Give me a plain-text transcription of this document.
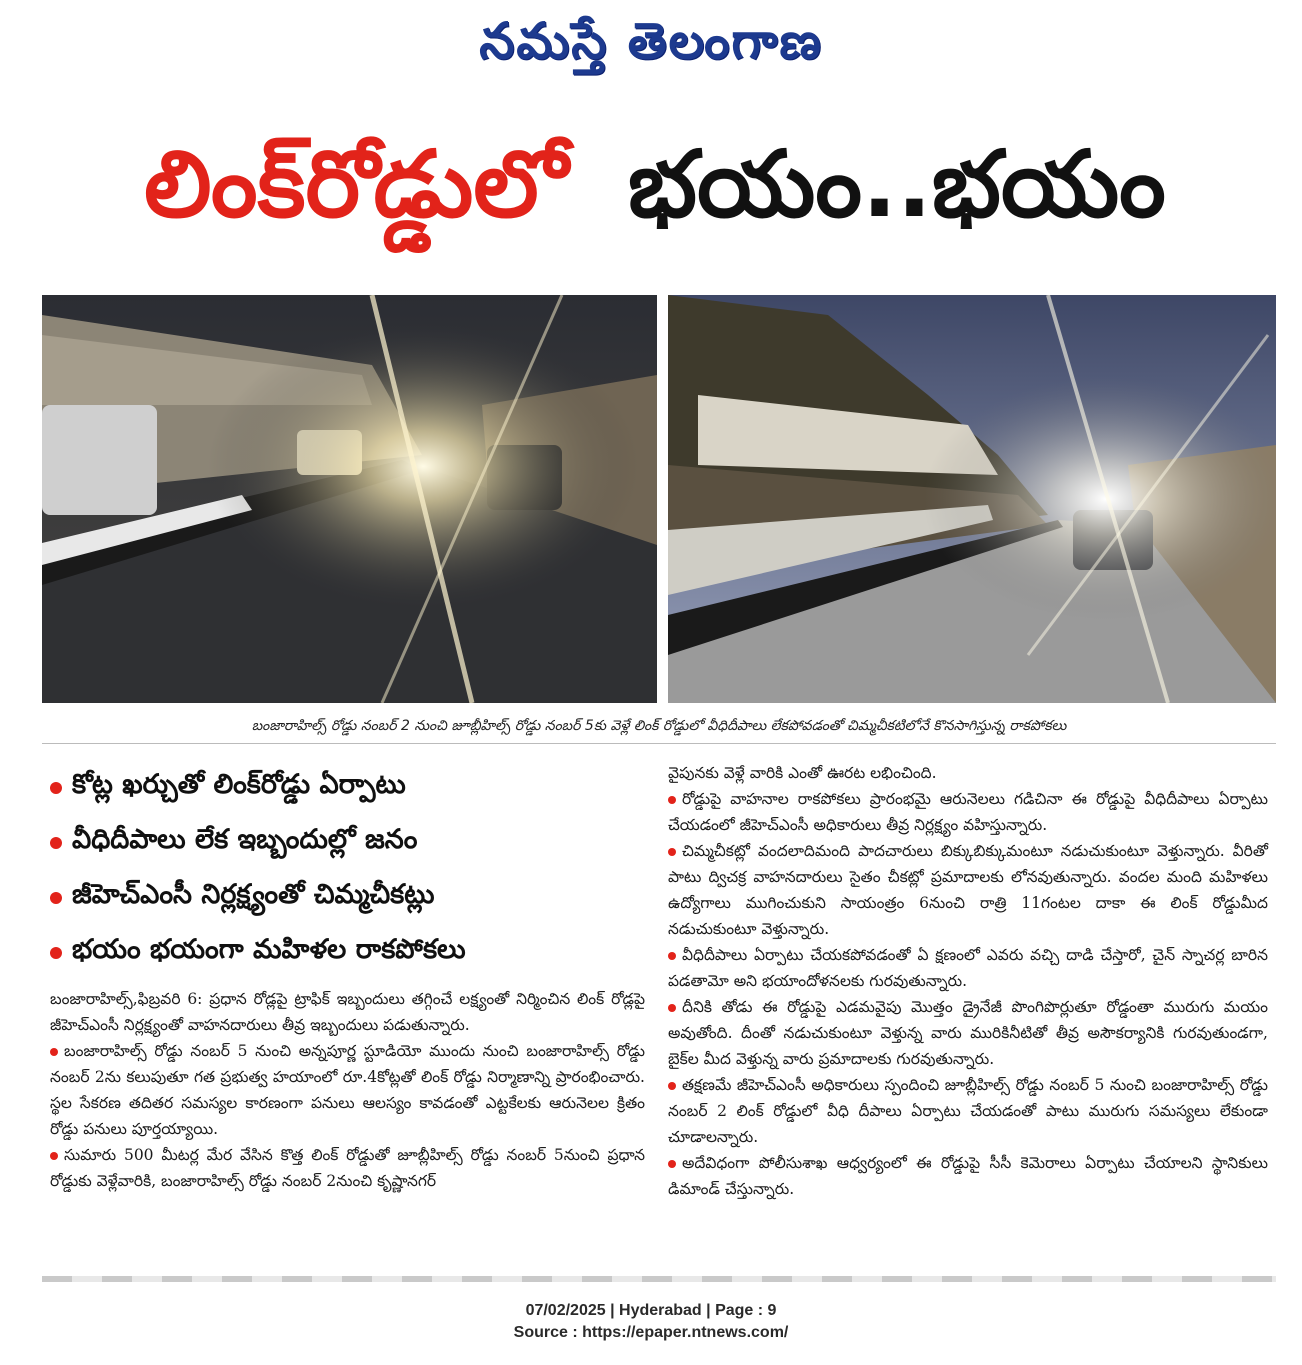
నమస్తే తెలంగాణ
లింక్‌రోడ్డులో భయం..భయం
బంజారాహిల్స్ రోడ్డు నంబర్ 2 నుంచి జూబ్లీహిల్స్ రోడ్డు నంబర్ 5కు వెళ్లే లింక్ రోడ్డులో వీధిదీపాలు లేకపోవడంతో చిమ్మచీకటిలోనే కొనసాగిస్తున్న రాకపోకలు
కోట్ల ఖర్చుతో లింక్‌రోడ్డు ఏర్పాటు
వీధిదీపాలు లేక ఇబ్బందుల్లో జనం
జీహెచ్‌ఎంసీ నిర్లక్ష్యంతో చిమ్మచీకట్లు
భయం భయంగా మహిళల రాకపోకలు

బంజారాహిల్స్,ఫిబ్రవరి 6: ప్రధాన రోడ్లపై ట్రాఫిక్ ఇబ్బందులు తగ్గించే లక్ష్యంతో నిర్మించిన లింక్ రోడ్లపై జీహెచ్ఎంసీ నిర్లక్ష్యంతో వాహనదారులు తీవ్ర ఇబ్బందులు పడుతున్నారు.

బంజారాహిల్స్ రోడ్డు నంబర్ 5 నుంచి అన్నపూర్ణ స్టూడియో ముందు నుంచి బంజారాహిల్స్ రోడ్డు నంబర్ 2ను కలుపుతూ గత ప్రభుత్వ హయాంలో రూ.4కోట్లతో లింక్ రోడ్డు నిర్మాణాన్ని ప్రారంభించారు. స్థల సేకరణ తదితర సమస్యల కారణంగా పనులు ఆలస్యం కావడంతో ఎట్టకేలకు ఆరునెలల క్రితం రోడ్డు పనులు పూర్తయ్యాయి.

సుమారు 500 మీటర్ల మేర వేసిన కొత్త లింక్ రోడ్డుతో జూబ్లీహిల్స్ రోడ్డు నంబర్ 5నుంచి ప్రధాన రోడ్డుకు వెళ్లేవారికి, బంజారాహిల్స్ రోడ్డు నంబర్ 2నుంచి కృష్ణానగర్

వైపునకు వెళ్లే వారికి ఎంతో ఊరట లభించింది.

రోడ్డుపై వాహనాల రాకపోకలు ప్రారంభమై ఆరునెలలు గడిచినా ఈ రోడ్డుపై వీధిదీపాలు ఏర్పాటు చేయడంలో జీహెచ్ఎంసీ అధికారులు తీవ్ర నిర్లక్ష్యం వహిస్తున్నారు.

చిమ్మచీకట్లో వందలాదిమంది పాదచారులు బిక్కుబిక్కుమంటూ నడుచుకుంటూ వెళ్తున్నారు. వీరితో పాటు ద్విచక్ర వాహనదారులు సైతం చీకట్లో ప్రమాదాలకు లోనవుతున్నారు. వందల మంది మహిళలు ఉద్యోగాలు ముగించుకుని సాయంత్రం 6నుంచి రాత్రి 11గంటల దాకా ఈ లింక్ రోడ్డుమీద నడుచుకుంటూ వెళ్తున్నారు.

వీధిదీపాలు ఏర్పాటు చేయకపోవడంతో ఏ క్షణంలో ఎవరు వచ్చి దాడి చేస్తారో, చైన్ స్నాచర్ల బారిన పడతామో అని భయాందోళనలకు గురవుతున్నారు.

దీనికి తోడు ఈ రోడ్డుపై ఎడమవైపు మొత్తం డ్రైనేజీ పొంగిపొర్లుతూ రోడ్డంతా మురుగు మయం అవుతోంది. దీంతో నడుచుకుంటూ వెళ్తున్న వారు మురికినీటితో తీవ్ర అసౌకర్యానికి గురవుతుండగా, బైక్‌ల మీద వెళ్తున్న వారు ప్రమాదాలకు గురవుతున్నారు.

తక్షణమే జీహెచ్ఎంసీ అధికారులు స్పందించి జూబ్లీహిల్స్ రోడ్డు నంబర్ 5 నుంచి బంజారాహిల్స్ రోడ్డు నంబర్ 2 లింక్ రోడ్డులో వీధి దీపాలు ఏర్పాటు చేయడంతో పాటు మురుగు సమస్యలు లేకుండా చూడాలన్నారు.

అదేవిధంగా పోలీసుశాఖ ఆధ్వర్యంలో ఈ రోడ్డుపై సీసీ కెమెరాలు ఏర్పాటు చేయాలని స్థానికులు డిమాండ్ చేస్తున్నారు.

07/02/2025 | Hyderabad | Page : 9
Source : https://epaper.ntnews.com/
